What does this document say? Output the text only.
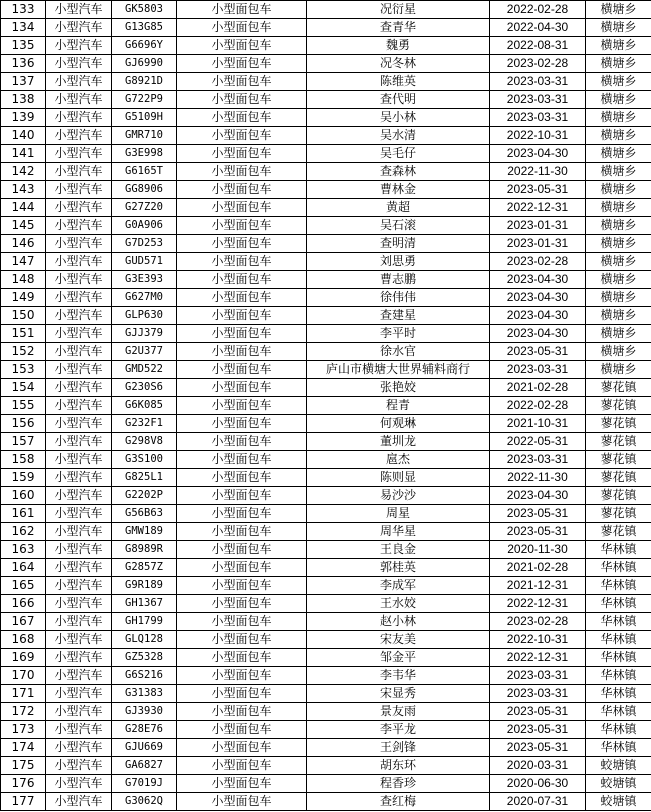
133	小型汽车	GK5803	小型面包车	况衍星	2022-02-28	横塘乡
134	小型汽车	G13G85	小型面包车	查青华	2022-04-30	横塘乡
135	小型汽车	G6696Y	小型面包车	魏勇	2022-08-31	横塘乡
136	小型汽车	GJ6990	小型面包车	况冬林	2023-02-28	横塘乡
137	小型汽车	G8921D	小型面包车	陈维英	2023-03-31	横塘乡
138	小型汽车	G722P9	小型面包车	查代明	2023-03-31	横塘乡
139	小型汽车	G5109H	小型面包车	吴小林	2023-03-31	横塘乡
140	小型汽车	GMR710	小型面包车	吴水清	2022-10-31	横塘乡
141	小型汽车	G3E998	小型面包车	吴毛仔	2023-04-30	横塘乡
142	小型汽车	G6165T	小型面包车	查森林	2022-11-30	横塘乡
143	小型汽车	GG8906	小型面包车	曹林金	2023-05-31	横塘乡
144	小型汽车	G27Z20	小型面包车	黄超	2022-12-31	横塘乡
145	小型汽车	G0A906	小型面包车	吴石滚	2023-01-31	横塘乡
146	小型汽车	G7D253	小型面包车	查明清	2023-01-31	横塘乡
147	小型汽车	GUD571	小型面包车	刘思勇	2023-02-28	横塘乡
148	小型汽车	G3E393	小型面包车	曹志鹏	2023-04-30	横塘乡
149	小型汽车	G627M0	小型面包车	徐伟伟	2023-04-30	横塘乡
150	小型汽车	GLP630	小型面包车	查建星	2023-04-30	横塘乡
151	小型汽车	GJJ379	小型面包车	李平时	2023-04-30	横塘乡
152	小型汽车	G2U377	小型面包车	徐水官	2023-05-31	横塘乡
153	小型汽车	GMD522	小型面包车	庐山市横塘大世界辅料商行	2023-03-31	横塘乡
154	小型汽车	G230S6	小型面包车	张艳姣	2021-02-28	蓼花镇
155	小型汽车	G6K085	小型面包车	程青	2022-02-28	蓼花镇
156	小型汽车	G232F1	小型面包车	何观琳	2021-10-31	蓼花镇
157	小型汽车	G298V8	小型面包车	董圳龙	2022-05-31	蓼花镇
158	小型汽车	G3S100	小型面包车	扈杰	2023-03-31	蓼花镇
159	小型汽车	G825L1	小型面包车	陈则显	2022-11-30	蓼花镇
160	小型汽车	G2202P	小型面包车	易沙沙	2023-04-30	蓼花镇
161	小型汽车	G56B63	小型面包车	周星	2023-05-31	蓼花镇
162	小型汽车	GMW189	小型面包车	周华星	2023-05-31	蓼花镇
163	小型汽车	G8989R	小型面包车	王良金	2020-11-30	华林镇
164	小型汽车	G2857Z	小型面包车	郭桂英	2021-02-28	华林镇
165	小型汽车	G9R189	小型面包车	李成军	2021-12-31	华林镇
166	小型汽车	GH1367	小型面包车	王水姣	2022-12-31	华林镇
167	小型汽车	GH1799	小型面包车	赵小林	2023-02-28	华林镇
168	小型汽车	GLQ128	小型面包车	宋友美	2022-10-31	华林镇
169	小型汽车	GZ5328	小型面包车	邹金平	2022-12-31	华林镇
170	小型汽车	G6S216	小型面包车	李韦华	2023-03-31	华林镇
171	小型汽车	G31383	小型面包车	宋显秀	2023-03-31	华林镇
172	小型汽车	GJ3930	小型面包车	景友雨	2023-05-31	华林镇
173	小型汽车	G28E76	小型面包车	李平龙	2023-05-31	华林镇
174	小型汽车	GJU669	小型面包车	王剑锋	2023-05-31	华林镇
175	小型汽车	GA6827	小型面包车	胡东环	2020-03-31	蛟塘镇
176	小型汽车	G7019J	小型面包车	程香珍	2020-06-30	蛟塘镇
177	小型汽车	G3062Q	小型面包车	查红梅	2020-07-31	蛟塘镇
